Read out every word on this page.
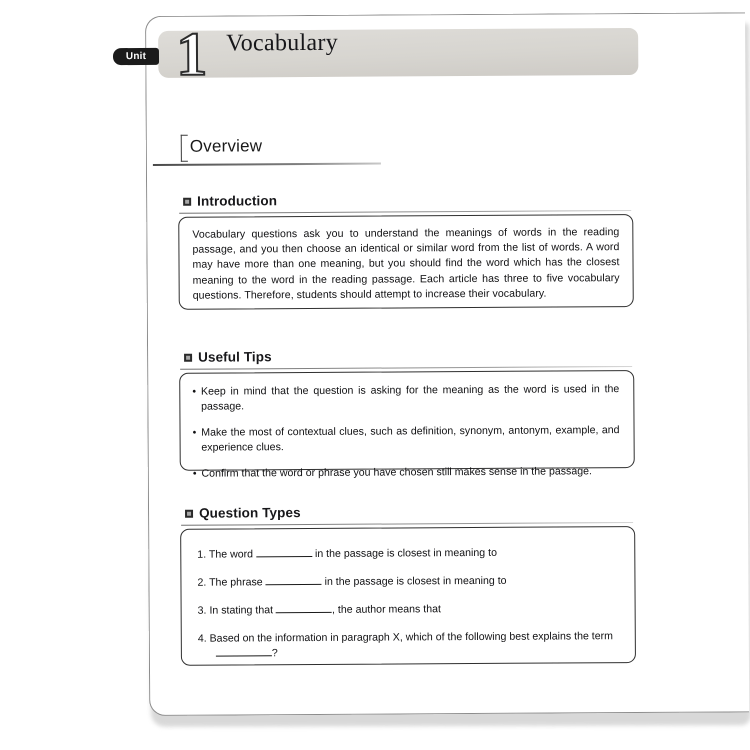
1 Vocabulary
Overview
Introduction
Vocabulary questions ask you to understand the meanings of words in the reading passage, and you then choose an identical or similar word from the list of words. A word may have more than one meaning, but you should find the word which has the closest meaning to the word in the reading passage. Each article has three to five vocabulary questions. Therefore, students should attempt to increase their vocabulary.
Useful Tips
• Keep in mind that the question is asking for the meaning as the word is used in the passage.
• Make the most of contextual clues, such as definition, synonym, antonym, example, and experience clues.
• Confirm that the word or phrase you have chosen still makes sense in the passage.
Question Types
1. The word	in the passage is closest in meaning to
2. The phrase	in the passage is closest in meaning to
3. In stating that	, the author means that
4. Based on the information in paragraph X, which of the following best explains the term
?
Unit
